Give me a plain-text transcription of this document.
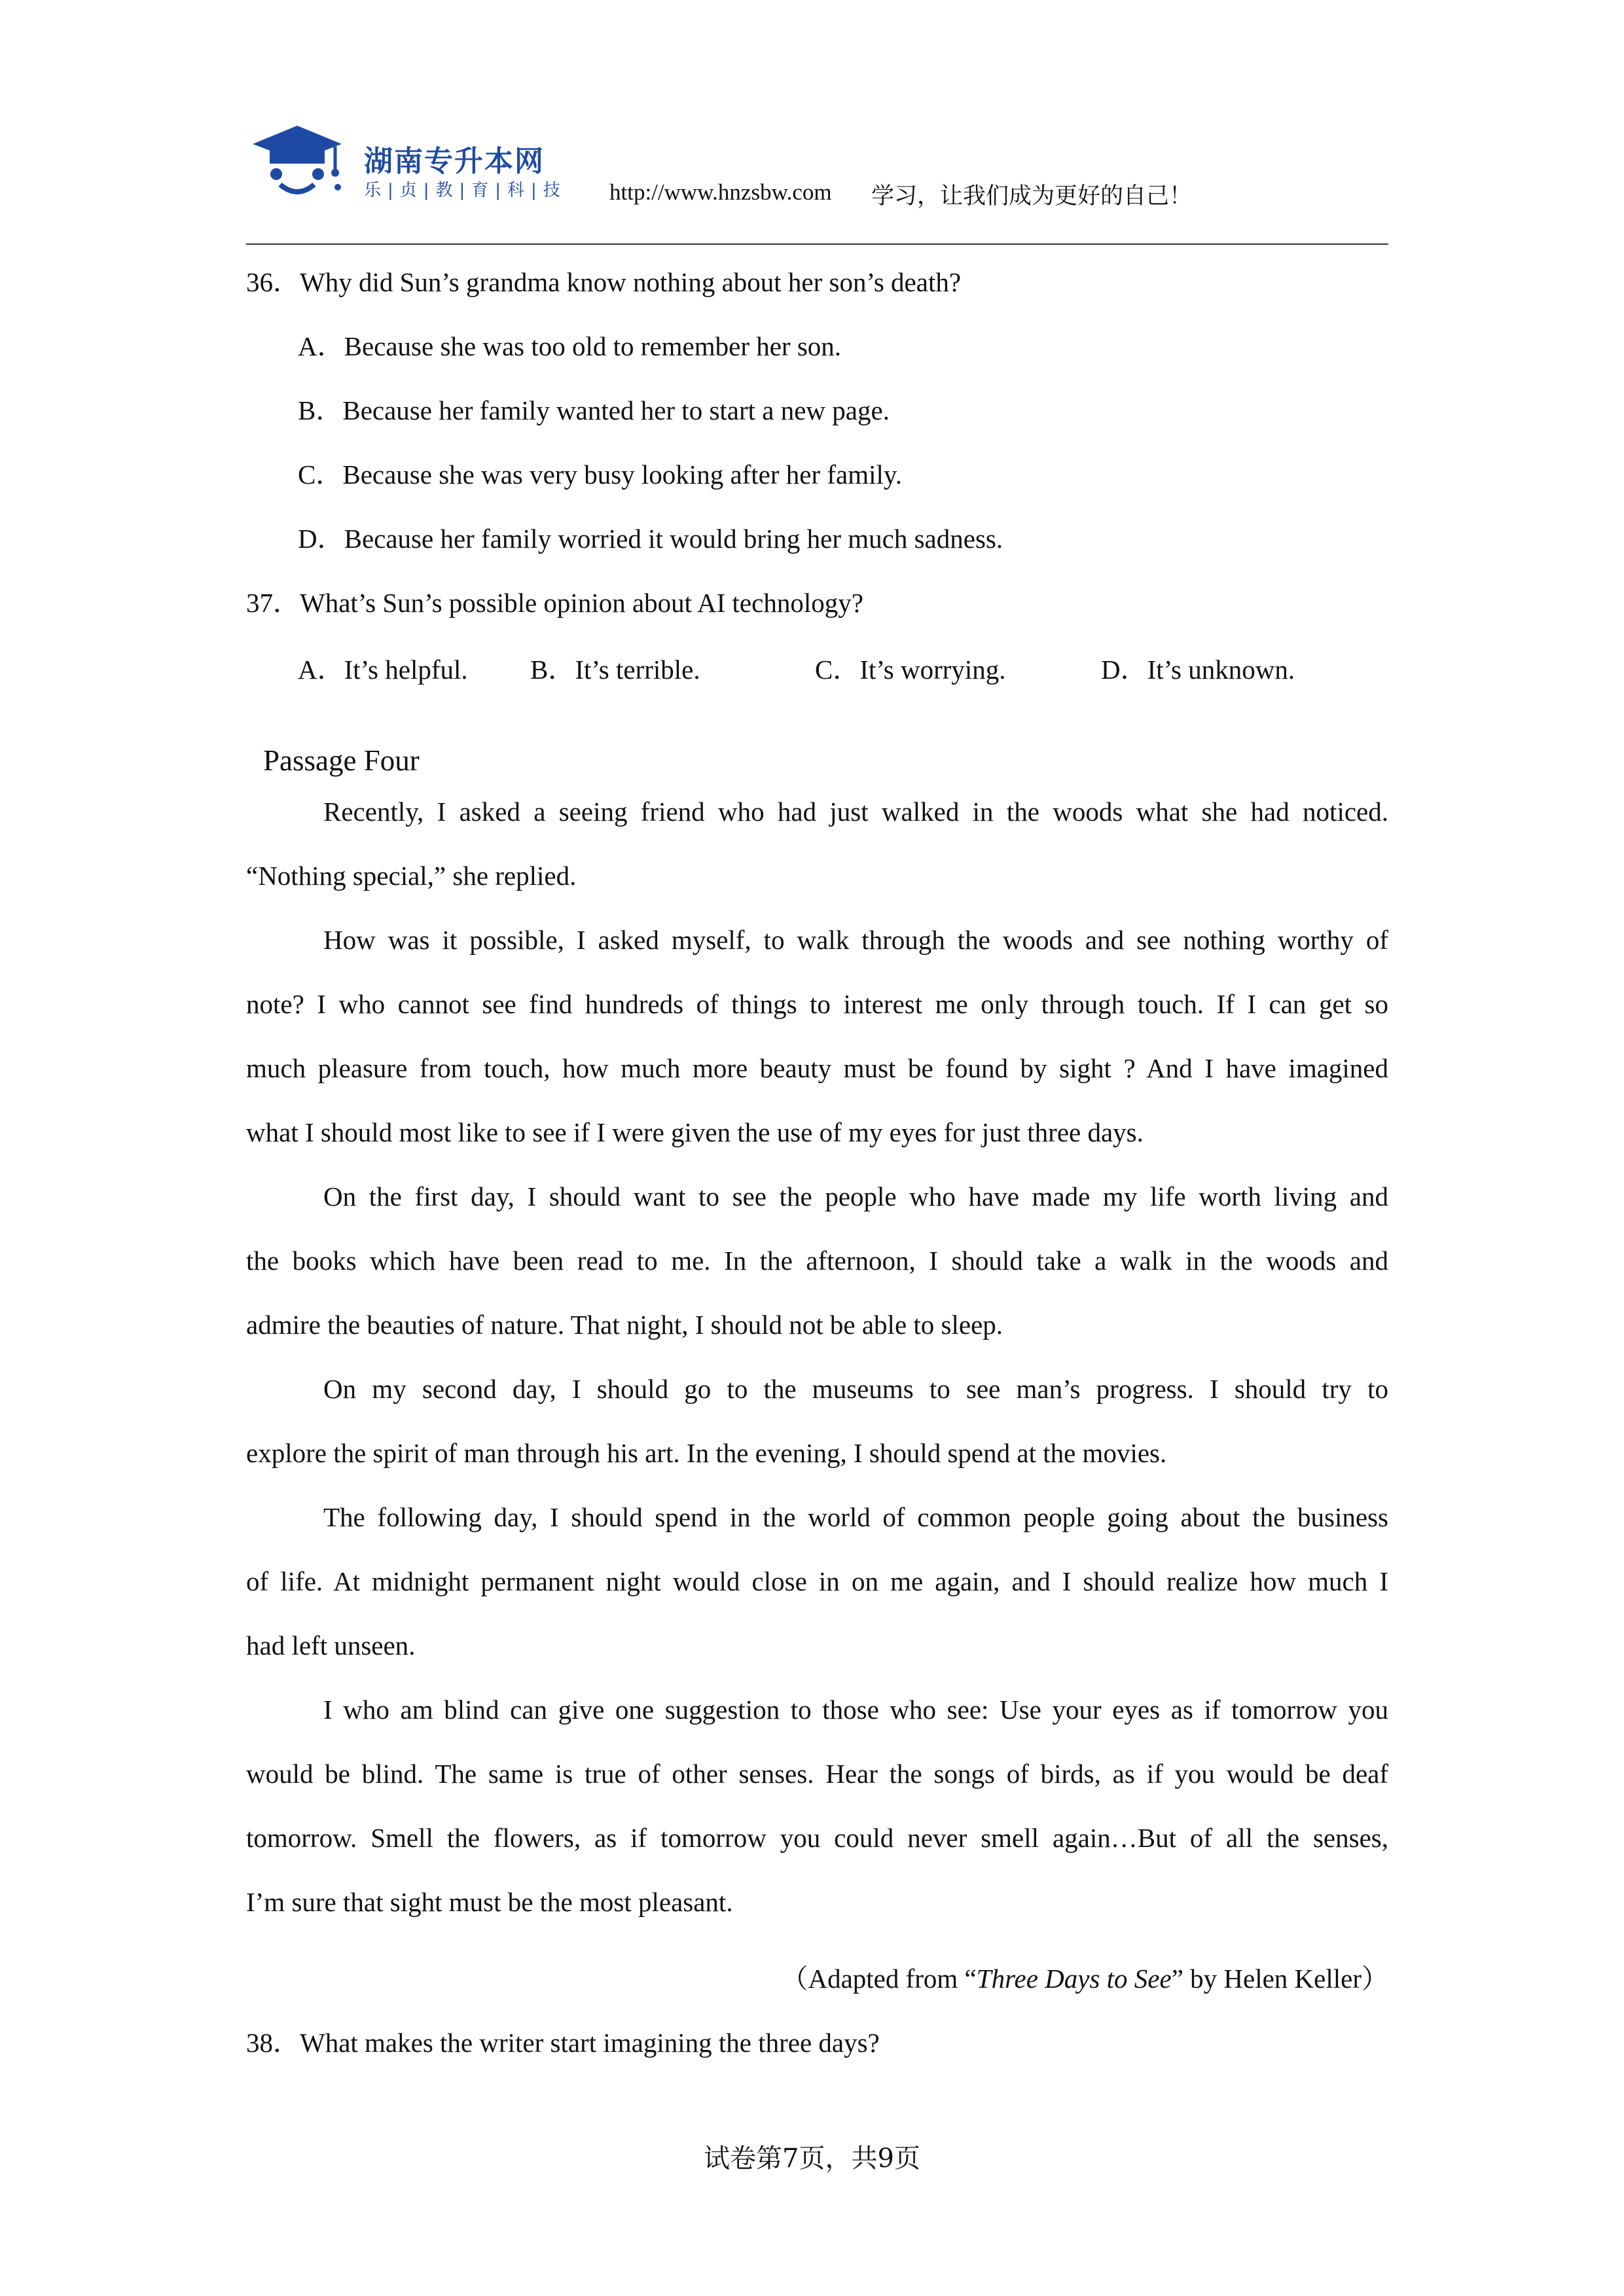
湖南专升本网
乐|贞|教|育|科|技 http://www.hnzsbw.com 学习，让我们成为更好的自己！
36．Why did Sun’s grandma know nothing about her son’s death?
A．Because she was too old to remember her son.
B．Because her family wanted her to start a new page.
C．Because she was very busy looking after her family.
D．Because her family worried it would bring her much sadness.
37．What’s Sun’s possible opinion about AI technology?
A．It’s helpful. B．It’s terrible.	C．It’s worrying.	D．It’s unknown.
Passage Four
Recently, I asked a seeing friend who had just walked in the woods what she had noticed.
“Nothing special,” she replied.
How was it possible, I asked myself, to walk through the woods and see nothing worthy of
note? I who cannot see find hundreds of things to interest me only through touch. If I can get so
much pleasure from touch, how much more beauty must be found by sight ? And I have imagined
what I should most like to see if I were given the use of my eyes for just three days.
On the first day, I should want to see the people who have made my life worth living and
the books which have been read to me. In the afternoon, I should take a walk in the woods and
admire the beauties of nature. That night, I should not be able to sleep.
On my second day, I should go to the museums to see man’s progress. I should try to
explore the spirit of man through his art. In the evening, I should spend at the movies.
The following day, I should spend in the world of common people going about the business
of life. At midnight permanent night would close in on me again, and I should realize how much I
had left unseen.
I who am blind can give one suggestion to those who see: Use your eyes as if tomorrow you
would be blind. The same is true of other senses. Hear the songs of birds, as if you would be deaf
tomorrow. Smell the flowers, as if tomorrow you could never smell again…But of all the senses,
I’m sure that sight must be the most pleasant.
（Adapted from “Three Days to See” by Helen Keller）
38．What makes the writer start imagining the three days?
试卷第7页，共9页
